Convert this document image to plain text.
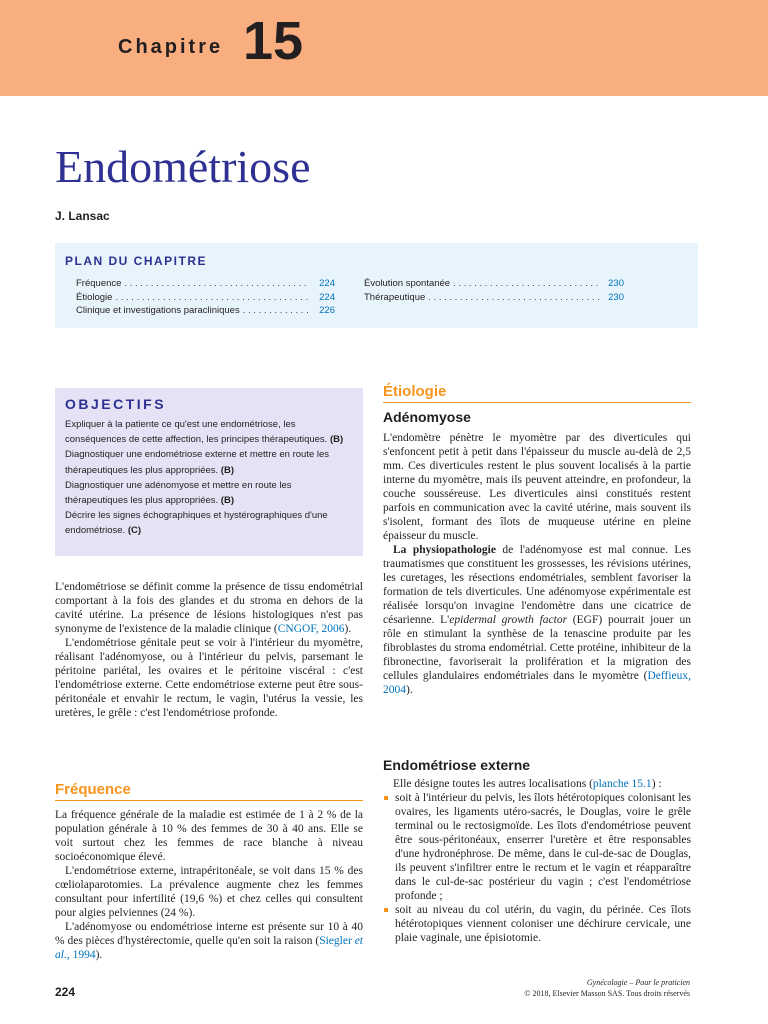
Chapitre 15
Endométriose
J. Lansac
PLAN DU CHAPITRE
Fréquence . . .	224
Étiologie . . .	224
Clinique et investigations paracliniques . . .	226
Évolution spontanée . . .	230
Thérapeutique . . .	230
OBJECTIFS
Expliquer à la patiente ce qu'est une endométriose, les conséquences de cette affection, les principes thérapeutiques. (B)
Diagnostiquer une endométriose externe et mettre en route les thérapeutiques les plus appropriées. (B)
Diagnostiquer une adénomyose et mettre en route les thérapeutiques les plus appropriées. (B)
Décrire les signes échographiques et hystérographiques d'une endométriose. (C)

L'endométriose se définit comme la présence de tissu endométrial comportant à la fois des glandes et du stroma en dehors de la cavité utérine. La présence de lésions histologiques n'est pas synonyme de l'existence de la maladie clinique (CNGOF, 2006).

L'endométriose génitale peut se voir à l'intérieur du myomètre, réalisant l'adénomyose, ou à l'intérieur du pelvis, parsemant le péritoine pariétal, les ovaires et le péritoine viscéral : c'est l'endométriose externe. Cette endométriose externe peut être sous-péritonéale et envahir le rectum, le vagin, l'utérus la vessie, les uretères, le grêle : c'est l'endométriose profonde.

Fréquence

La fréquence générale de la maladie est estimée de 1 à 2 % de la population générale à 10 % des femmes de 30 à 40 ans. Elle se voit surtout chez les femmes de race blanche à niveau socioéconomique élevé.

L'endométriose externe, intrapéritonéale, se voit dans 15 % des cœliolaparotomies. La prévalence augmente chez les femmes consultant pour infertilité (19,6 %) et chez celles qui consultent pour algies pelviennes (24 %).

L'adénomyose ou endométriose interne est présente sur 10 à 40 % des pièces d'hystérectomie, quelle qu'en soit la raison (Siegler et al., 1994).

Étiologie
Adénomyose

L'endomètre pénètre le myomètre par des diverticules qui s'enfoncent petit à petit dans l'épaisseur du muscle au-delà de 2,5 mm. Ces diverticules restent le plus souvent localisés à la partie interne du myomètre, mais ils peuvent atteindre, en profondeur, la couche sousséreuse. Les diverticules ainsi constitués restent parfois en communication avec la cavité utérine, mais souvent ils s'isolent, formant des îlots de muqueuse utérine en pleine épaisseur du muscle.

La physiopathologie de l'adénomyose est mal connue. Les traumatismes que constituent les grossesses, les révisions utérines, les curetages, les résections endométriales, semblent favoriser la formation de tels diverticules. Une adénomyose expérimentale est réalisée lorsqu'on invagine l'endomètre dans une cicatrice de césarienne. L'epidermal growth factor (EGF) pourrait jouer un rôle en stimulant la synthèse de la tenascine produite par les fibroblastes du stroma endométrial. Cette protéine, inhibiteur de la fibronectine, favoriserait la prolifération et la migration des cellules glandulaires endométriales dans le myomètre (Deffieux, 2004).

Endométriose externe

Elle désigne toutes les autres localisations (planche 15.1) :

soit à l'intérieur du pelvis, les îlots hétérotopiques colonisant les ovaires, les ligaments utéro-sacrés, le Douglas, voire le grêle terminal ou le rectosigmoïde. Les îlots d'endométriose peuvent être sous-péritonéaux, enserrer l'uretère et être responsables d'une hydronéphrose. De même, dans le cul-de-sac de Douglas, ils peuvent s'infiltrer entre le rectum et le vagin et réapparaître dans le cul-de-sac postérieur du vagin ; c'est l'endométriose profonde ;
soit au niveau du col utérin, du vagin, du périnée. Ces îlots hétérotopiques viennent coloniser une déchirure cervicale, une plaie vaginale, une épisiotomie.
224
Gynécologie – Pour le praticien
© 2018, Elsevier Masson SAS. Tous droits réservés
